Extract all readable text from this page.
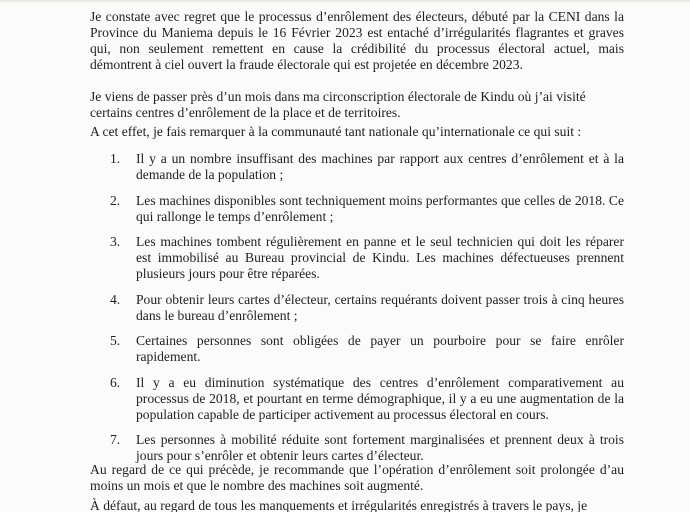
Je constate avec regret que le processus d’enrôlement des électeurs, débuté par la CENI dans la Province du Maniema depuis le 16 Février 2023 est entaché d’irrégularités flagrantes et graves qui, non seulement remettent en cause la crédibilité du processus électoral actuel, mais démontrent à ciel ouvert la fraude électorale qui est projetée en décembre 2023.

Je viens de passer près d’un mois dans ma circonscription électorale de Kindu où j’ai visité certains centres d’enrôlement de la place et de territoires.

A cet effet, je fais remarquer à la communauté tant nationale qu’internationale ce qui suit :

1. Il y a un nombre insuffisant des machines par rapport aux centres d’enrôlement et à la demande de la population ;
2. Les machines disponibles sont techniquement moins performantes que celles de 2018. Ce qui rallonge le temps d’enrôlement ;
3. Les machines tombent régulièrement en panne et le seul technicien qui doit les réparer est immobilisé au Bureau provincial de Kindu. Les machines défectueuses prennent plusieurs jours pour être réparées.
4. Pour obtenir leurs cartes d’électeur, certains requérants doivent passer trois à cinq heures dans le bureau d’enrôlement ;
5. Certaines personnes sont obligées de payer un pourboire pour se faire enrôler rapidement.
6. Il y a eu diminution systématique des centres d’enrôlement comparativement au processus de 2018, et pourtant en terme démographique, il y a eu une augmentation de la population capable de participer activement au processus électoral en cours.
7. Les personnes à mobilité réduite sont fortement marginalisées et prennent deux à trois jours pour s’enrôler et obtenir leurs cartes d’électeur.

Au regard de ce qui précède, je recommande que l’opération d’enrôlement soit prolongée d’au moins un mois et que le nombre des machines soit augmenté.

À défaut, au regard de tous les manquements et irrégularités enregistrés à travers le pays, je
